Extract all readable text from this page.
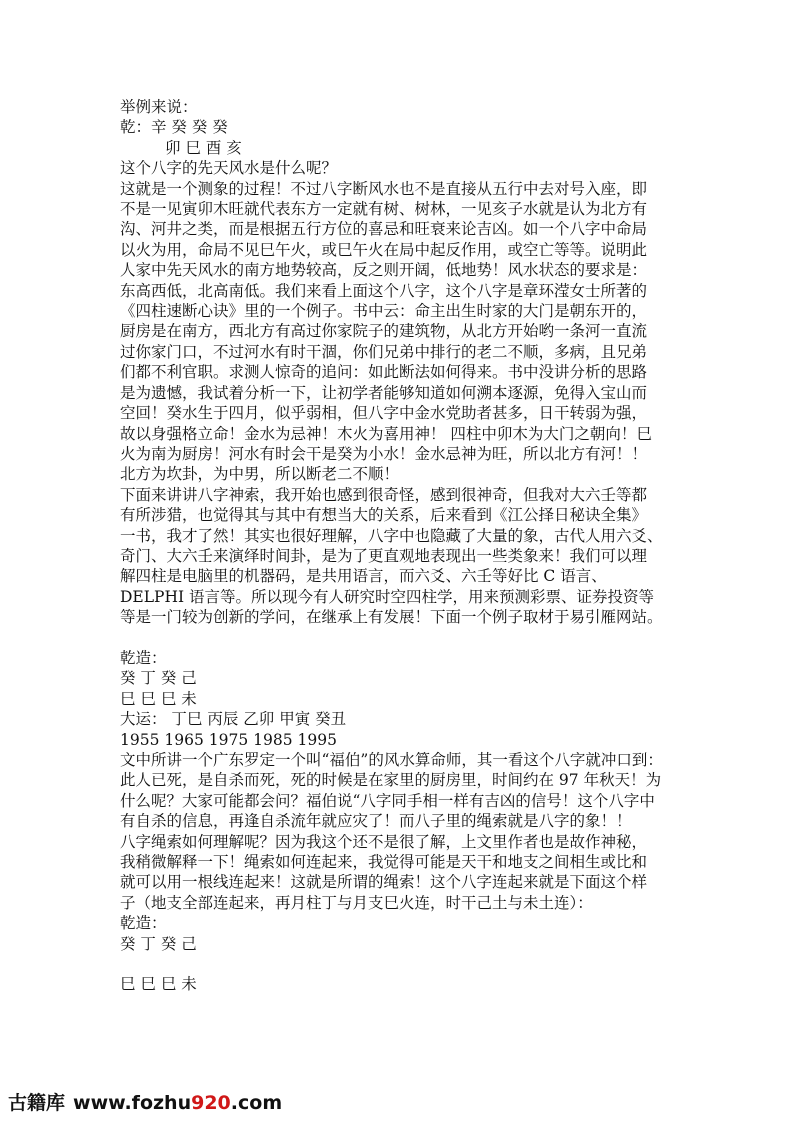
举例来说：
乾：辛 癸 癸 癸
卯 巳 酉 亥
这个八字的先天风水是什么呢？
这就是一个测象的过程！不过八字断风水也不是直接从五行中去对号入座，即
不是一见寅卯木旺就代表东方一定就有树、树林，一见亥子水就是认为北方有
沟、河井之类，而是根据五行方位的喜忌和旺衰来论吉凶。如一个八字中命局
以火为用，命局不见巳午火，或巳午火在局中起反作用，或空亡等等。说明此
人家中先天风水的南方地势较高，反之则开阔，低地势！风水状态的要求是：
东高西低，北高南低。我们来看上面这个八字，这个八字是章环滢女士所著的
《四柱速断心诀》里的一个例子。书中云：命主出生时家的大门是朝东开的，
厨房是在南方，西北方有高过你家院子的建筑物，从北方开始哟一条河一直流
过你家门口，不过河水有时干涸，你们兄弟中排行的老二不顺，多病，且兄弟
们都不利官职。求测人惊奇的追问：如此断法如何得来。书中没讲分析的思路
是为遗憾，我试着分析一下，让初学者能够知道如何溯本逐源，免得入宝山而
空回！癸水生于四月，似乎弱相，但八字中金水党助者甚多，日干转弱为强，
故以身强格立命！金水为忌神！木火为喜用神！ 四柱中卯木为大门之朝向！巳
火为南为厨房！河水有时会干是癸为小水！金水忌神为旺，所以北方有河！！
北方为坎卦，为中男，所以断老二不顺！
下面来讲讲八字神索，我开始也感到很奇怪，感到很神奇，但我对大六壬等都
有所涉猎，也觉得其与其中有想当大的关系，后来看到《江公择日秘诀全集》
一书，我才了然！其实也很好理解，八字中也隐藏了大量的象，古代人用六爻、
奇门、大六壬来演绎时间卦，是为了更直观地表现出一些类象来！我们可以理
解四柱是电脑里的机器码，是共用语言，而六爻、六壬等好比 C 语言、
DELPHI 语言等。所以现今有人研究时空四柱学，用来预测彩票、证券投资等
等是一门较为创新的学问，在继承上有发展！下面一个例子取材于易引雁网站。
乾造：
癸 丁 癸 己
巳 巳 巳 未
大运： 丁巳 丙辰 乙卯 甲寅 癸丑
1955 1965 1975 1985 1995
文中所讲一个广东罗定一个叫“福伯”的风水算命师，其一看这个八字就冲口到：
此人已死，是自杀而死，死的时候是在家里的厨房里，时间约在 97 年秋天！为
什么呢？大家可能都会问？福伯说“八字同手相一样有吉凶的信号！这个八字中
有自杀的信息，再逢自杀流年就应灾了！而八子里的绳索就是八字的象！！
八字绳索如何理解呢？因为我这个还不是很了解，上文里作者也是故作神秘，
我稍微解释一下！绳索如何连起来，我觉得可能是天干和地支之间相生或比和
就可以用一根线连起来！这就是所谓的绳索！这个八字连起来就是下面这个样
子（地支全部连起来，再月柱丁与月支巳火连，时干己土与未土连）：
乾造：
癸 丁 癸 己
巳 巳 巳 未
古籍库 www.fozhu920.com
